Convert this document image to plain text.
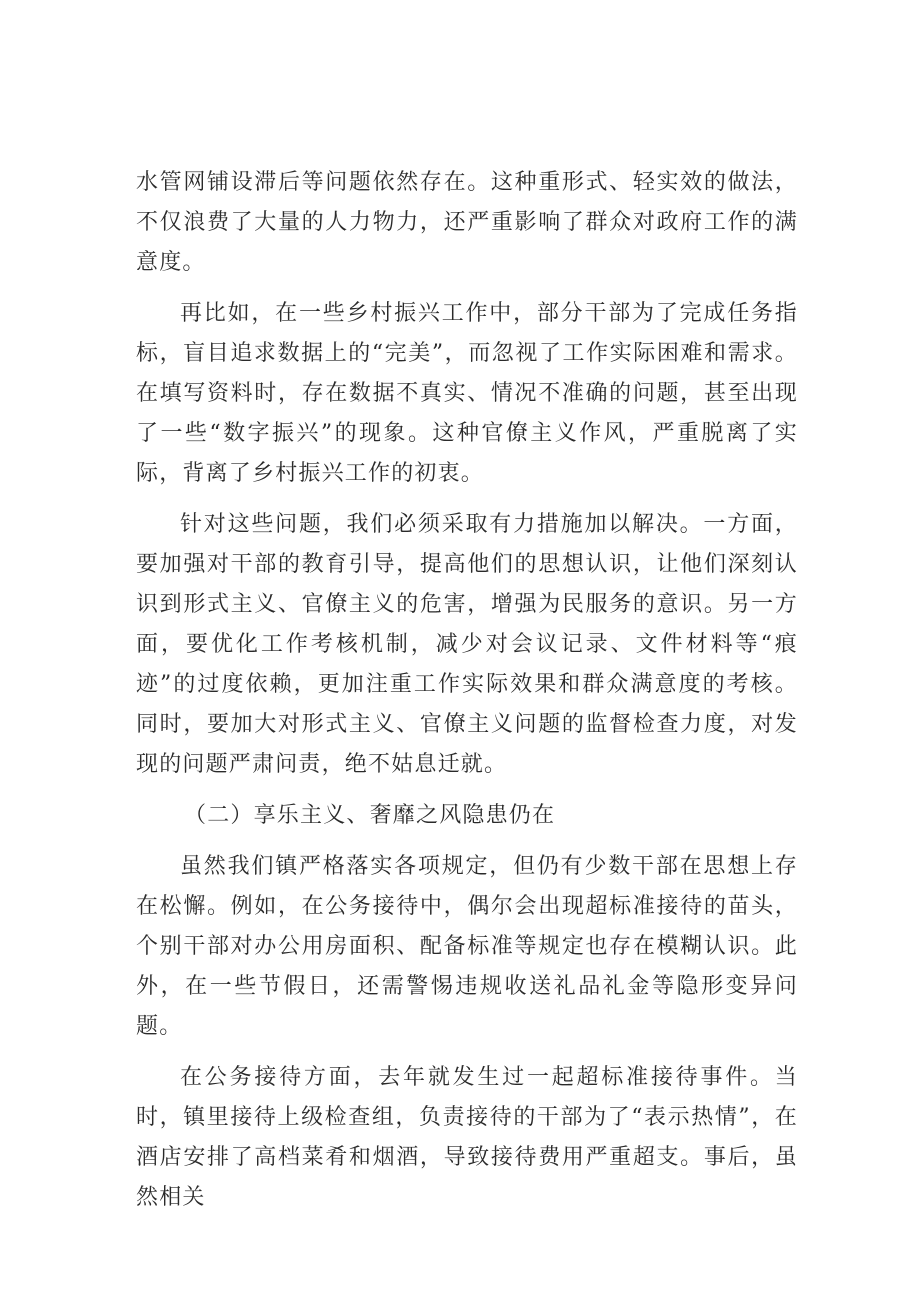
水管网铺设滞后等问题依然存在。这种重形式、轻实效的做法，不仅浪费了大量的人力物力，还严重影响了群众对政府工作的满意度。

再比如，在一些乡村振兴工作中，部分干部为了完成任务指标，盲目追求数据上的“完美”，而忽视了工作实际困难和需求。在填写资料时，存在数据不真实、情况不准确的问题，甚至出现了一些“数字振兴”的现象。这种官僚主义作风，严重脱离了实际，背离了乡村振兴工作的初衷。

针对这些问题，我们必须采取有力措施加以解决。一方面，要加强对干部的教育引导，提高他们的思想认识，让他们深刻认识到形式主义、官僚主义的危害，增强为民服务的意识。另一方面，要优化工作考核机制，减少对会议记录、文件材料等“痕迹”的过度依赖，更加注重工作实际效果和群众满意度的考核。同时，要加大对形式主义、官僚主义问题的监督检查力度，对发现的问题严肃问责，绝不姑息迁就。

（二）享乐主义、奢靡之风隐患仍在

虽然我们镇严格落实各项规定，但仍有少数干部在思想上存在松懈。例如，在公务接待中，偶尔会出现超标准接待的苗头，个别干部对办公用房面积、配备标准等规定也存在模糊认识。此外，在一些节假日，还需警惕违规收送礼品礼金等隐形变异问题。

在公务接待方面，去年就发生过一起超标准接待事件。当时，镇里接待上级检查组，负责接待的干部为了“表示热情”，在酒店安排了高档菜肴和烟酒，导致接待费用严重超支。事后，虽然相关
